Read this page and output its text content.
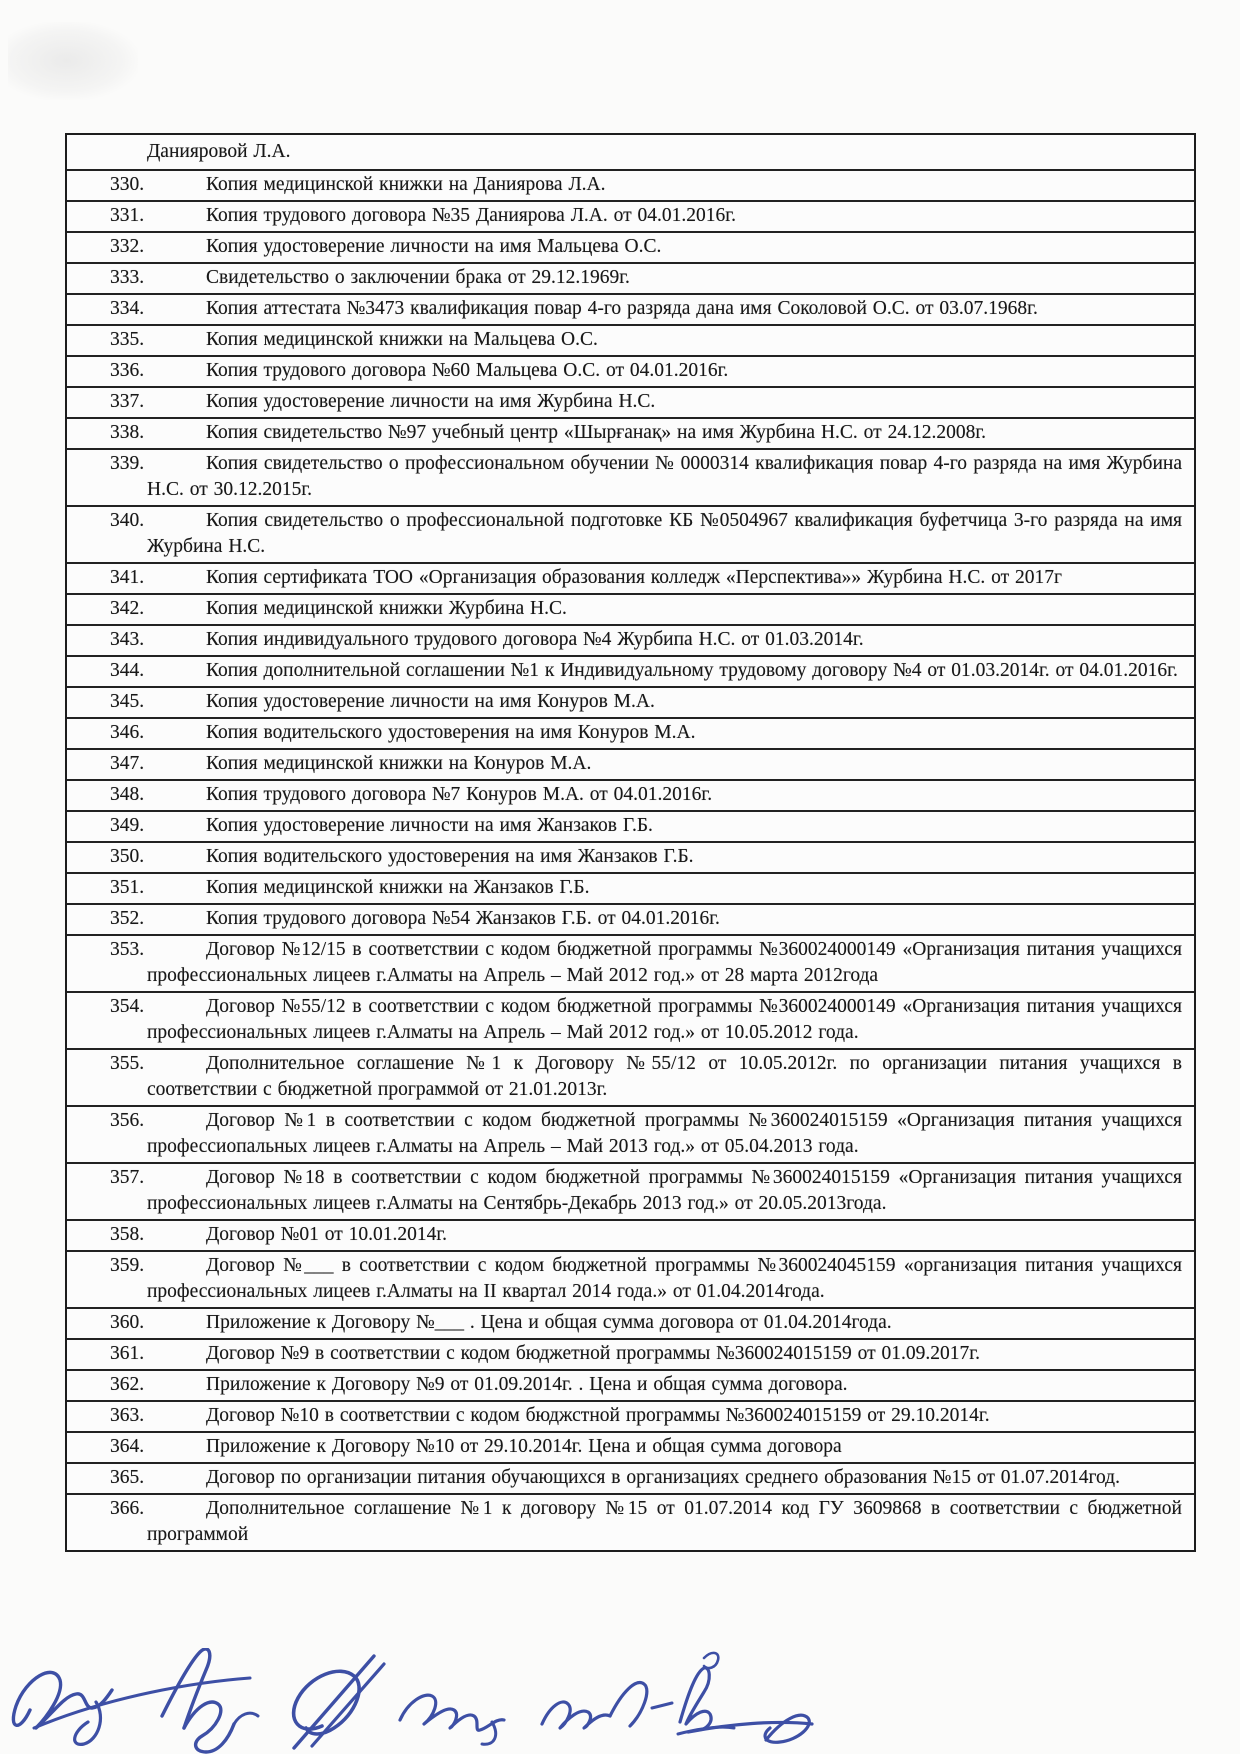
Данияровой Л.А.
330.	Копия медицинской книжки на Даниярова Л.А.
331.	Копия трудового договора №35 Даниярова Л.А. от 04.01.2016г.
332.	Копия удостоверение личности на имя Мальцева О.С.
333.	Свидетельство о заключении брака от 29.12.1969г.
334.	Копия аттестата №3473 квалификация повар 4-го разряда дана имя Соколовой О.С. от 03.07.1968г.
335.	Копия медицинской книжки на Мальцева О.С.
336.	Копия трудового договора №60 Мальцева О.С. от 04.01.2016г.
337.	Копия удостоверение личности на имя Журбина Н.С.
338.	Копия свидетельство №97 учебный центр «Шырғанақ» на имя Журбина Н.С. от 24.12.2008г.
339.	Копия свидетельство о профессиональном обучении № 0000314 квалификация повар 4-го разряда на имя Журбина Н.С. от 30.12.2015г.
340.	Копия свидетельство о профессиональной подготовке КБ №0504967 квалификация буфетчица 3-го разряда на имя Журбина Н.С.
341.	Копия сертификата ТОО «Организация образования колледж «Перспектива»» Журбина Н.С. от 2017г
342.	Копия медицинской книжки Журбина Н.С.
343.	Копия индивидуального трудового договора №4 Журбипа Н.С. от 01.03.2014г.
344.	Копия дополнительной соглашении №1 к Индивидуальному трудовому договору №4 от 01.03.2014г. от 04.01.2016г.
345.	Копия удостоверение личности на имя Конуров М.А.
346.	Копия водительского удостоверения на имя Конуров М.А.
347.	Копия медицинской книжки на Конуров М.А.
348.	Копия трудового договора №7 Конуров М.А. от 04.01.2016г.
349.	Копия удостоверение личности на имя Жанзаков Г.Б.
350.	Копия водительского удостоверения на имя Жанзаков Г.Б.
351.	Копия медицинской книжки на Жанзаков Г.Б.
352.	Копия трудового договора №54 Жанзаков Г.Б. от 04.01.2016г.
353.	Договор №12/15 в соответствии с кодом бюджетной программы №360024000149 «Организация питания учащихся профессиональных лицеев г.Алматы на Апрель – Май 2012 год.» от 28 марта 2012года
354.	Договор №55/12 в соответствии с кодом бюджетной программы №360024000149 «Организация питания учащихся профессиональных лицеев г.Алматы на Апрель – Май 2012 год.» от 10.05.2012 года.
355.	Дополнительное соглашение №1 к Договору №55/12 от 10.05.2012г. по организации питания учащихся в соответствии с бюджетной программой от 21.01.2013г.
356.	Договор №1 в соответствии с кодом бюджетной программы №360024015159 «Организация питания учащихся профессиопальных лицеев г.Алматы на Апрель – Май 2013 год.» от 05.04.2013 года.
357.	Договор №18 в соответствии с кодом бюджетной программы №360024015159 «Организация питания учащихся профессиональных лицеев г.Алматы на Сентябрь-Декабрь 2013 год.» от 20.05.2013года.
358.	Договор №01 от 10.01.2014г.
359.	Договор №___ в соответствии с кодом бюджетной программы №360024045159 «организация питания учащихся профессиональных лицеев г.Алматы на II квартал 2014 года.» от 01.04.2014года.
360.	Приложение к Договору №___ . Цена и общая сумма договора от 01.04.2014года.
361.	Договор №9 в соответствии с кодом бюджетной программы №360024015159 от 01.09.2017г.
362.	Приложение к Договору №9 от 01.09.2014г. . Цена и общая сумма договора.
363.	Договор №10 в соответствии с кодом бюджстной программы №360024015159 от 29.10.2014г.
364.	Приложение к Договору №10 от 29.10.2014г. Цена и общая сумма договора
365.	Договор по организации питания обучающихся в организациях среднего образования №15 от 01.07.2014год.
366.	Дополнительное соглашение №1 к договору №15 от 01.07.2014 код ГУ 3609868 в соответствии с бюджетной программой
